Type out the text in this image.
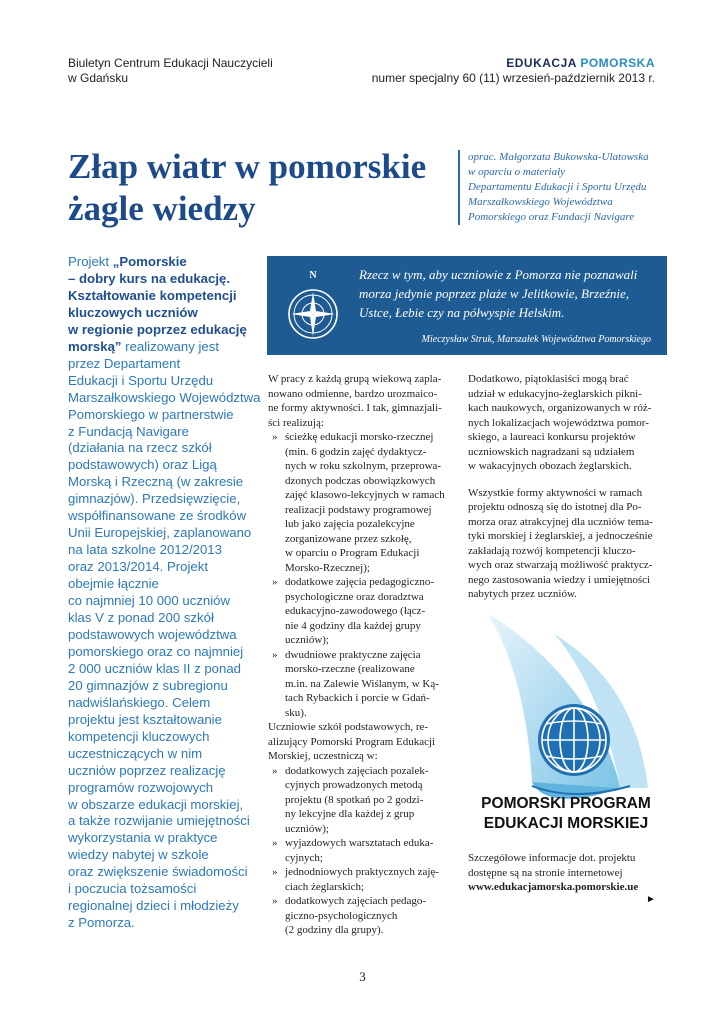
Biuletyn Centrum Edukacji Nauczycieli
w Gdańsku
EDUKACJA POMORSKA
numer specjalny 60 (11) wrzesień-październik 2013 r.
Złap wiatr w pomorskie
żagle wiedzy
oprac. Małgorzata Bukowska-Ulatowska
w oparciu o materiały
Departamentu Edukacji i Sportu Urzędu
Marszałkowskiego Województwa
Pomorskiego oraz Fundacji Navigare
Projekt „Pomorskie
– dobry kurs na edukację.
Kształtowanie kompetencji
kluczowych uczniów
w regionie poprzez edukację
morską” realizowany jest
przez Departament
Edukacji i Sportu Urzędu
Marszałkowskiego Województwa
Pomorskiego w partnerstwie
z Fundacją Navigare
(działania na rzecz szkół
podstawowych) oraz Ligą
Morską i Rzeczną (w zakresie
gimnazjów). Przedsięwzięcie,
współfinansowane ze środków
Unii Europejskiej, zaplanowano
na lata szkolne 2012/2013
oraz 2013/2014. Projekt
obejmie łącznie
co najmniej 10 000 uczniów
klas V z ponad 200 szkół
podstawowych województwa
pomorskiego oraz co najmniej
2 000 uczniów klas II z ponad
20 gimnazjów z subregionu
nadwiślańskiego. Celem
projektu jest kształtowanie
kompetencji kluczowych
uczestniczących w nim
uczniów poprzez realizację
programów rozwojowych
w obszarze edukacji morskiej,
a także rozwijanie umiejętności
wykorzystania w praktyce
wiedzy nabytej w szkole
oraz zwiększenie świadomości
i poczucia tożsamości
regionalnej dzieci i młodzieży
z Pomorza.
N	Rzecz w tym, aby uczniowie z Pomorza nie poznawali
morza jedynie poprzez plaże w Jelitkowie, Brzeźnie,
Ustce, Łebie czy na półwyspie Helskim.
Mieczysław Struk, Marszałek Województwa Pomorskiego
W pracy z każdą grupą wiekową zapla-
nowano odmienne, bardzo urozmaico-
ne formy aktywności. I tak, gimnazjali-
ści realizują:
» ścieżkę edukacji morsko-rzecznej
(min. 6 godzin zajęć dydaktycz-
nych w roku szkolnym, przeprowa-
dzonych podczas obowiązkowych
zajęć klasowo-lekcyjnych w ramach
realizacji podstawy programowej
lub jako zajęcia pozalekcyjne
zorganizowane przez szkołę,
w oparciu o Program Edukacji
Morsko-Rzecznej);
» dodatkowe zajęcia pedagogiczno-
psychologiczne oraz doradztwa
edukacyjno-zawodowego (łącz-
nie 4 godziny dla każdej grupy
uczniów);
» dwudniowe praktyczne zajęcia
morsko-rzeczne (realizowane
m.in. na Zalewie Wiślanym, w Ką-
tach Rybackich i porcie w Gdań-
sku).
Uczniowie szkół podstawowych, re-
alizujący Pomorski Program Edukacji
Morskiej, uczestniczą w:
» dodatkowych zajęciach pozalek-
cyjnych prowadzonych metodą
projektu (8 spotkań po 2 godzi-
ny lekcyjne dla każdej z grup
uczniów);
» wyjazdowych warsztatach eduka-
cyjnych;
» jednodniowych praktycznych zaję-
ciach żeglarskich;
» dodatkowych zajęciach pedago-
giczno-psychologicznych
(2 godziny dla grupy).
Dodatkowo, piątoklasiści mogą brać
udział w edukacyjno-żeglarskich pikni-
kach naukowych, organizowanych w róż-
nych lokalizacjach województwa pomor-
skiego, a laureaci konkursu projektów
uczniowskich nagradzani są udziałem
w wakacyjnych obozach żeglarskich.
Wszystkie formy aktywności w ramach
projektu odnoszą się do istotnej dla Po-
morza oraz atrakcyjnej dla uczniów tema-
tyki morskiej i żeglarskiej, a jednocześnie
zakładają rozwój kompetencji kluczo-
wych oraz stwarzają możliwość praktycz-
nego zastosowania wiedzy i umiejętności
nabytych przez uczniów.
POMORSKI PROGRAM
EDUKACJI MORSKIEJ
Szczegółowe informacje dot. projektu
dostępne są na stronie internetowej
www.edukacjamorska.pomorskie.ue
►
3
